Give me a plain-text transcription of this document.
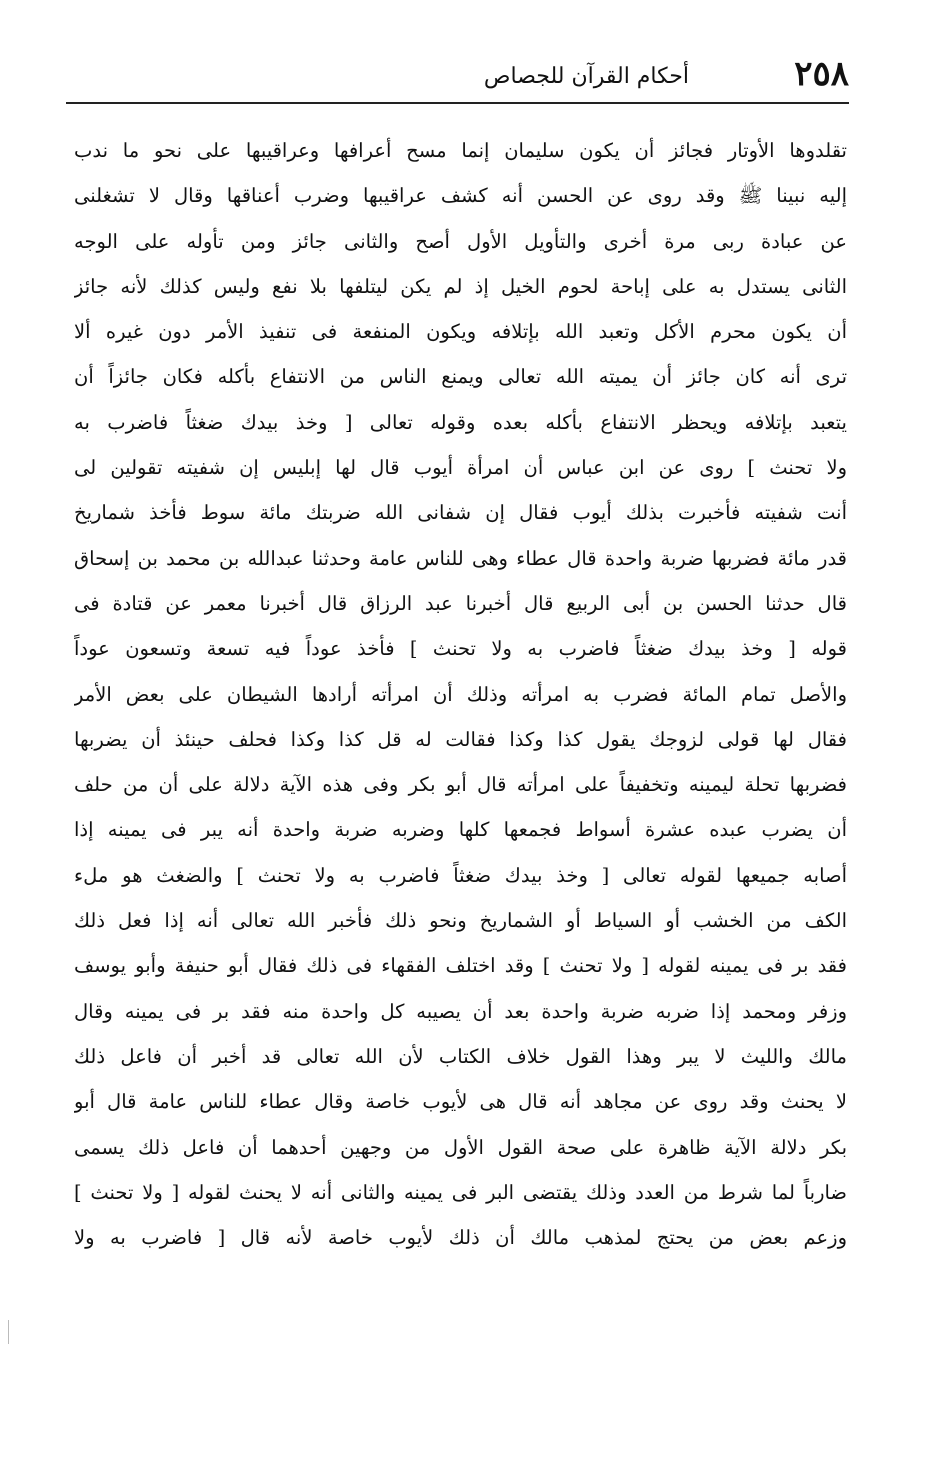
٢٥٨
أحكام القرآن للجصاص
تقلدوها الأوتار فجائز أن يكون سليمان إنما مسح أعرافها وعراقيبها على نحو ما ندب
إليه نبينا ﷺ وقد روى عن الحسن أنه كشف عراقيبها وضرب أعناقها وقال لا تشغلنى
عن عبادة ربى مرة أخرى والتأويل الأول أصح والثانى جائز ومن تأوله على الوجه
الثانى يستدل به على إباحة لحوم الخيل إذ لم يكن ليتلفها بلا نفع وليس كذلك لأنه جائز
أن يكون محرم الأكل وتعبد الله بإتلافه ويكون المنفعة فى تنفيذ الأمر دون غيره ألا
ترى أنه كان جائز أن يميته الله تعالى ويمنع الناس من الانتفاع بأكله فكان جائزاً أن
يتعبد بإتلافه ويحظر الانتفاع بأكله بعده وقوله تعالى [ وخذ بيدك ضغثاً فاضرب به
ولا تحنث ] روى عن ابن عباس أن امرأة أيوب قال لها إبليس إن شفيته تقولين لى
أنت شفيته فأخبرت بذلك أيوب فقال إن شفانى الله ضربتك مائة سوط فأخذ شماريخ
قدر مائة فضربها ضربة واحدة قال عطاء وهى للناس عامة وحدثنا عبدالله بن محمد بن إسحاق
قال حدثنا الحسن بن أبى الربيع قال أخبرنا عبد الرزاق قال أخبرنا معمر عن قتادة فى
قوله [ وخذ بيدك ضغثاً فاضرب به ولا تحنث ] فأخذ عوداً فيه تسعة وتسعون عوداً
والأصل تمام المائة فضرب به امرأته وذلك أن امرأته أرادها الشيطان على بعض الأمر
فقال لها قولى لزوجك يقول كذا وكذا فقالت له قل كذا وكذا فحلف حينئذ أن يضربها
فضربها تحلة ليمينه وتخفيفاً على امرأته قال أبو بكر وفى هذه الآية دلالة على أن من حلف
أن يضرب عبده عشرة أسواط فجمعها كلها وضربه ضربة واحدة أنه يبر فى يمينه إذا
أصابه جميعها لقوله تعالى [ وخذ بيدك ضغثاً فاضرب به ولا تحنث ] والضغث هو ملء
الكف من الخشب أو السياط أو الشماريخ ونحو ذلك فأخبر الله تعالى أنه إذا فعل ذلك
فقد بر فى يمينه لقوله [ ولا تحنث ] وقد اختلف الفقهاء فى ذلك فقال أبو حنيفة وأبو يوسف
وزفر ومحمد إذا ضربه ضربة واحدة بعد أن يصيبه كل واحدة منه فقد بر فى يمينه وقال
مالك والليث لا يبر وهذا القول خلاف الكتاب لأن الله تعالى قد أخبر أن فاعل ذلك
لا يحنث وقد روى عن مجاهد أنه قال هى لأيوب خاصة وقال عطاء للناس عامة قال أبو
بكر دلالة الآية ظاهرة على صحة القول الأول من وجهين أحدهما أن فاعل ذلك يسمى
ضارباً لما شرط من العدد وذلك يقتضى البر فى يمينه والثانى أنه لا يحنث لقوله [ ولا تحنث ]
وزعم بعض من يحتج لمذهب مالك أن ذلك لأيوب خاصة لأنه قال [ فاضرب به ولا
